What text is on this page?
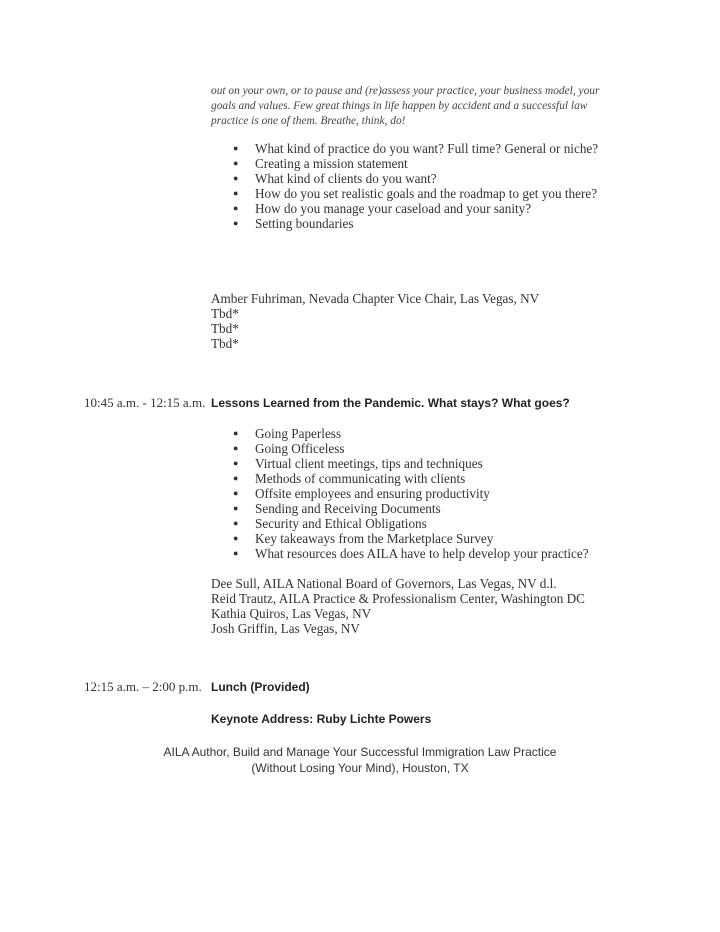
out on your own, or to pause and (re)assess your practice, your business model, your goals and values. Few great things in life happen by accident and a successful law practice is one of them. Breathe, think, do!
● What kind of practice do you want? Full time? General or niche?
● Creating a mission statement
● What kind of clients do you want?
● How do you set realistic goals and the roadmap to get you there?
● How do you manage your caseload and your sanity?
● Setting boundaries
Amber Fuhriman, Nevada Chapter Vice Chair, Las Vegas, NV
Tbd*
Tbd*
Tbd*
10:45 a.m. - 12:15 a.m. Lessons Learned from the Pandemic. What stays? What goes?
● Going Paperless
● Going Officeless
● Virtual client meetings, tips and techniques
● Methods of communicating with clients
● Offsite employees and ensuring productivity
● Sending and Receiving Documents
● Security and Ethical Obligations
● Key takeaways from the Marketplace Survey
● What resources does AILA have to help develop your practice?
Dee Sull, AILA National Board of Governors, Las Vegas, NV d.l.
Reid Trautz, AILA Practice & Professionalism Center, Washington DC
Kathia Quiros, Las Vegas, NV
Josh Griffin, Las Vegas, NV
12:15 a.m. – 2:00 p.m. Lunch (Provided)
Keynote Address: Ruby Lichte Powers
AILA Author, Build and Manage Your Successful Immigration Law Practice
(Without Losing Your Mind), Houston, TX
